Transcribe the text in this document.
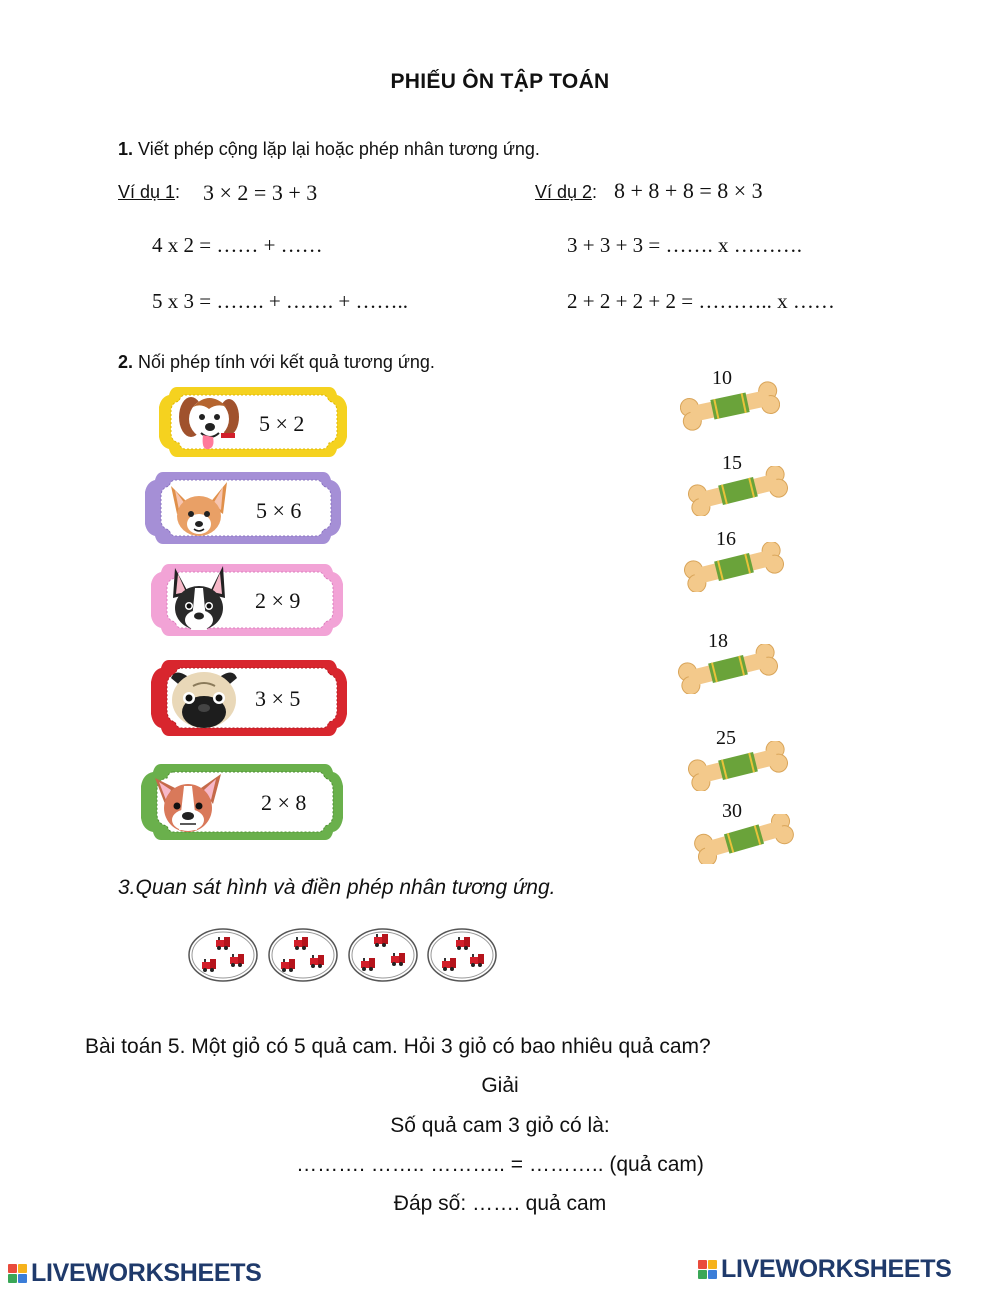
PHIẾU ÔN TẬP TOÁN
1. Viết phép cộng lặp lại hoặc phép nhân tương ứng.
Ví dụ 1: 3 × 2 = 3 + 3	Ví dụ 2: 8 + 8 + 8 = 8 × 3
4 x 2 = …… + ……	3 + 3 + 3 = ……. x ……….
5 x 3 = ……. + ……. + ……..	2 + 2 + 2 + 2 = ……….. x ……
2. Nối phép tính với kết quả tương ứng.
5 × 2
5 × 6
2 × 9
3 × 5
2 × 8
10
15
16
18
25
30
3.Quan sát hình và điền phép nhân tương ứng.
Bài toán 5. Một giỏ có 5 quả cam. Hỏi 3 giỏ có bao nhiêu quả cam?
Giải
Số quả cam 3 giỏ có là:
………. …….. ……….. = ……….. (quả cam)
Đáp số: ……. quả cam
LIVEWORKSHEETS	LIVEWORKSHEETS
